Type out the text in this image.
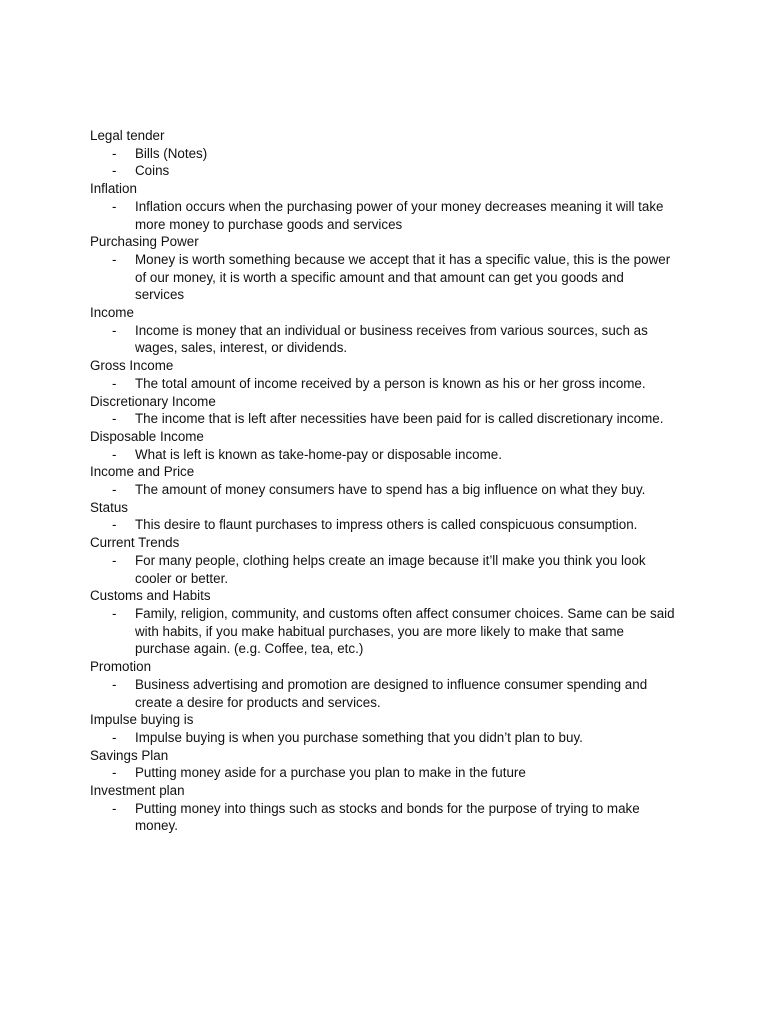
Legal tender
- Bills (Notes)
- Coins
Inflation
- Inflation occurs when the purchasing power of your money decreases meaning it will take more money to purchase goods and services
Purchasing Power
- Money is worth something because we accept that it has a specific value, this is the power of our money, it is worth a specific amount and that amount can get you goods and services
Income
- Income is money that an individual or business receives from various sources, such as wages, sales, interest, or dividends.
Gross Income
- The total amount of income received by a person is known as his or her gross income.
Discretionary Income
- The income that is left after necessities have been paid for is called discretionary income.
Disposable Income
- What is left is known as take-home-pay or disposable income.
Income and Price
- The amount of money consumers have to spend has a big influence on what they buy.
Status
- This desire to flaunt purchases to impress others is called conspicuous consumption.
Current Trends
- For many people, clothing helps create an image because it’ll make you think you look cooler or better.
Customs and Habits
- Family, religion, community, and customs often affect consumer choices. Same can be said with habits, if you make habitual purchases, you are more likely to make that same purchase again. (e.g. Coffee, tea, etc.)
Promotion
- Business advertising and promotion are designed to influence consumer spending and create a desire for products and services.
Impulse buying is
- Impulse buying is when you purchase something that you didn’t plan to buy.
Savings Plan
- Putting money aside for a purchase you plan to make in the future
Investment plan
- Putting money into things such as stocks and bonds for the purpose of trying to make money.
